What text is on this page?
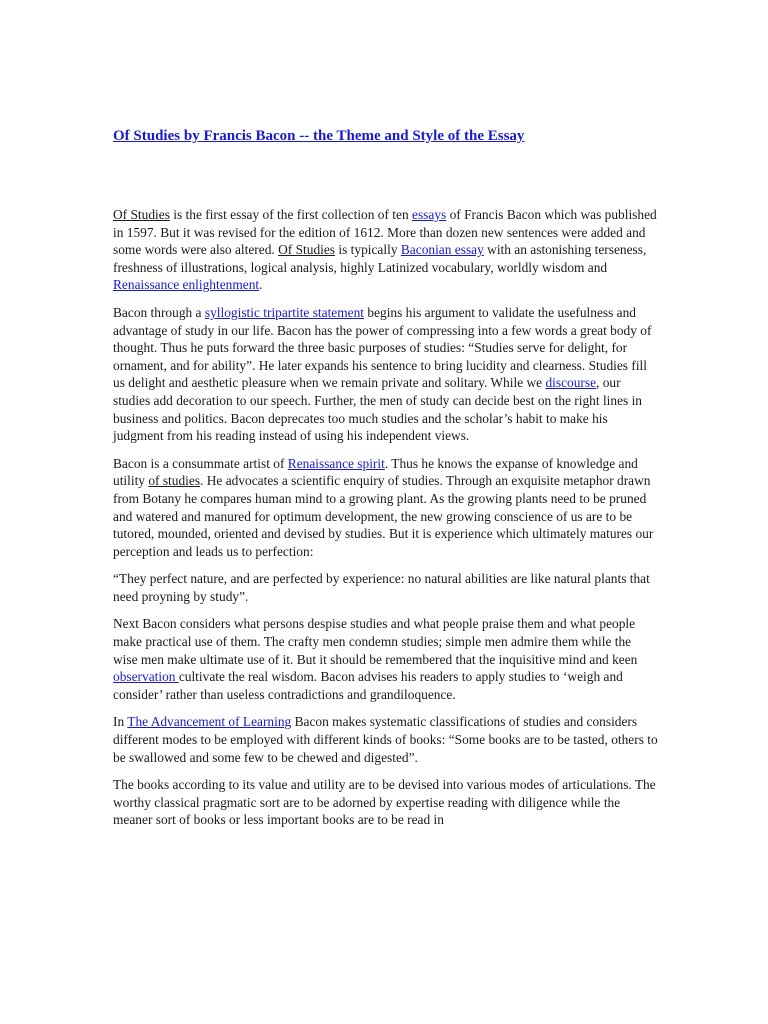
Of Studies by Francis Bacon -- the Theme and Style of the Essay

Of Studies is the first essay of the first collection of ten essays of Francis Bacon which was published in 1597. But it was revised for the edition of 1612. More than dozen new sentences were added and some words were also altered. Of Studies is typically Baconian essay with an astonishing terseness, freshness of illustrations, logical analysis, highly Latinized vocabulary, worldly wisdom and Renaissance enlightenment.

Bacon through a syllogistic tripartite statement begins his argument to validate the usefulness and advantage of study in our life. Bacon has the power of compressing into a few words a great body of thought. Thus he puts forward the three basic purposes of studies: “Studies serve for delight, for ornament, and for ability”. He later expands his sentence to bring lucidity and clearness. Studies fill us delight and aesthetic pleasure when we remain private and solitary. While we discourse, our studies add decoration to our speech. Further, the men of study can decide best on the right lines in business and politics. Bacon deprecates too much studies and the scholar’s habit to make his judgment from his reading instead of using his independent views.

Bacon is a consummate artist of Renaissance spirit. Thus he knows the expanse of knowledge and utility of studies. He advocates a scientific enquiry of studies. Through an exquisite metaphor drawn from Botany he compares human mind to a growing plant. As the growing plants need to be pruned and watered and manured for optimum development, the new growing conscience of us are to be tutored, mounded, oriented and devised by studies. But it is experience which ultimately matures our perception and leads us to perfection:

“They perfect nature, and are perfected by experience: no natural abilities are like natural plants that need proyning by study”.

Next Bacon considers what persons despise studies and what people praise them and what people make practical use of them. The crafty men condemn studies; simple men admire them while the wise men make ultimate use of it. But it should be remembered that the inquisitive mind and keen observation cultivate the real wisdom. Bacon advises his readers to apply studies to ‘weigh and consider’ rather than useless contradictions and grandiloquence.

In The Advancement of Learning Bacon makes systematic classifications of studies and considers different modes to be employed with different kinds of books: “Some books are to be tasted, others to be swallowed and some few to be chewed and digested”.

The books according to its value and utility are to be devised into various modes of articulations. The worthy classical pragmatic sort are to be adorned by expertise reading with diligence while the meaner sort of books or less important books are to be read in
